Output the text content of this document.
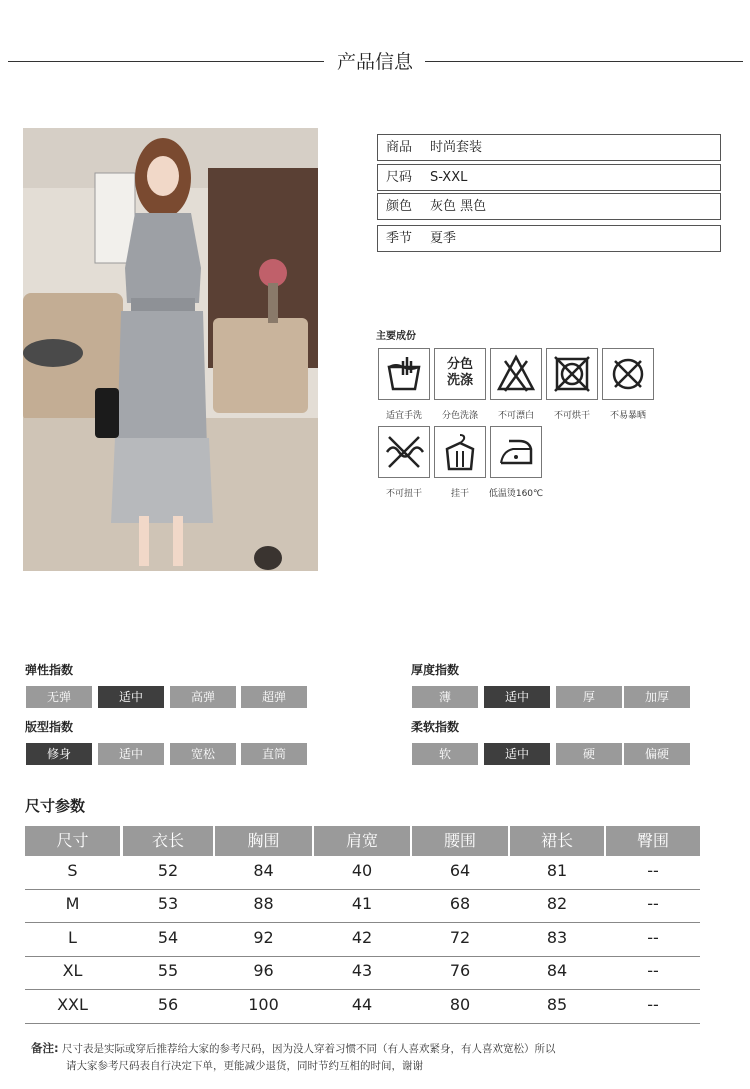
产品信息
商品 时尚套装
尺码 S-XXL
颜色 灰色 黑色
季节 夏季
主要成份
分色
洗涤
适宜手洗	分色洗涤	不可漂白	不可烘干	不易暴晒
不可扭干	挂干	低温烫160℃
弹性指数
无弹	适中	高弹	超弹
厚度指数
薄	适中	厚	加厚
版型指数
修身	适中	宽松	直筒
柔软指数
软	适中	硬	偏硬
尺寸参数
尺寸	衣长	胸围	肩宽	腰围	裙长	臀围
S	52	84	40	64	81	--
M	53	88	41	68	82	--
L	54	92	42	72	83	--
XL	55	96	43	76	84	--
XXL	56	100	44	80	85	--
备注: 尺寸表是实际或穿后推荐给大家的参考尺码，因为没人穿着习惯不同（有人喜欢紧身，有人喜欢宽松）所以
请大家参考尺码表自行决定下单，更能减少退货，同时节约互相的时间，谢谢
